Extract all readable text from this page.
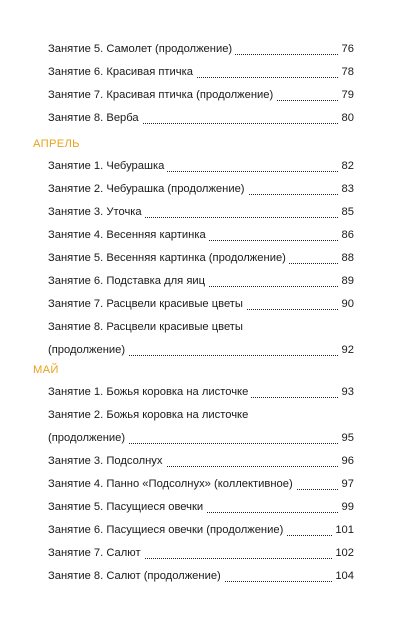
Занятие 5. Самолет (продолжение)	76
Занятие 6. Красивая птичка	78
Занятие 7. Красивая птичка (продолжение)	79
Занятие 8. Верба	80
АПРЕЛЬ
Занятие 1. Чебурашка	82
Занятие 2. Чебурашка (продолжение)	83
Занятие 3. Уточка	85
Занятие 4. Весенняя картинка	86
Занятие 5. Весенняя картинка (продолжение)	88
Занятие 6. Подставка для яиц	89
Занятие 7. Расцвели красивые цветы	90
Занятие 8. Расцвели красивые цветы
(продолжение)	92
МАЙ
Занятие 1. Божья коровка на листочке	93
Занятие 2. Божья коровка на листочке
(продолжение)	95
Занятие 3. Подсолнух	96
Занятие 4. Панно «Подсолнух» (коллективное)	97
Занятие 5. Пасущиеся овечки	99
Занятие 6. Пасущиеся овечки (продолжение)	101
Занятие 7. Салют	102
Занятие 8. Салют (продолжение)	104
